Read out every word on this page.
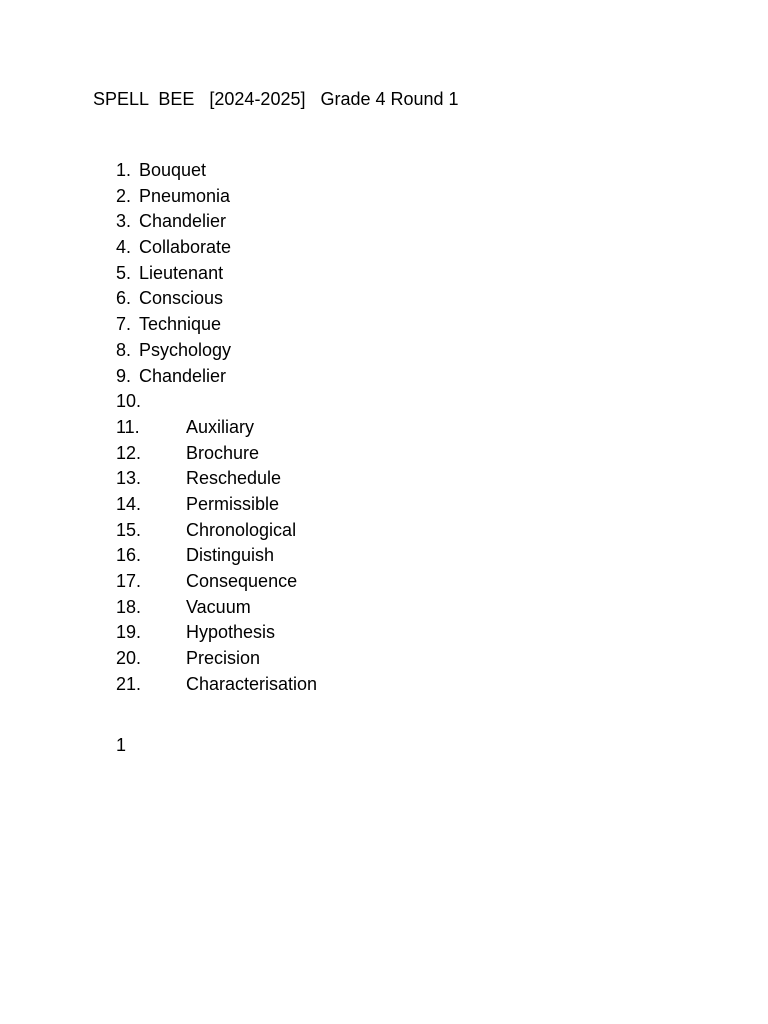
SPELL  BEE   [2024-2025]   Grade 4 Round 1
1. Bouquet
2. Pneumonia
3. Chandelier
4. Collaborate
5. Lieutenant
6. Conscious
7. Technique
8. Psychology
9. Chandelier
10.
11.	Auxiliary
12. Brochure
13. Reschedule
14. Permissible
15. Chronological
16. Distinguish
17. Consequence
18. Vacuum
19. Hypothesis
20. Precision
21. Characterisation
1
